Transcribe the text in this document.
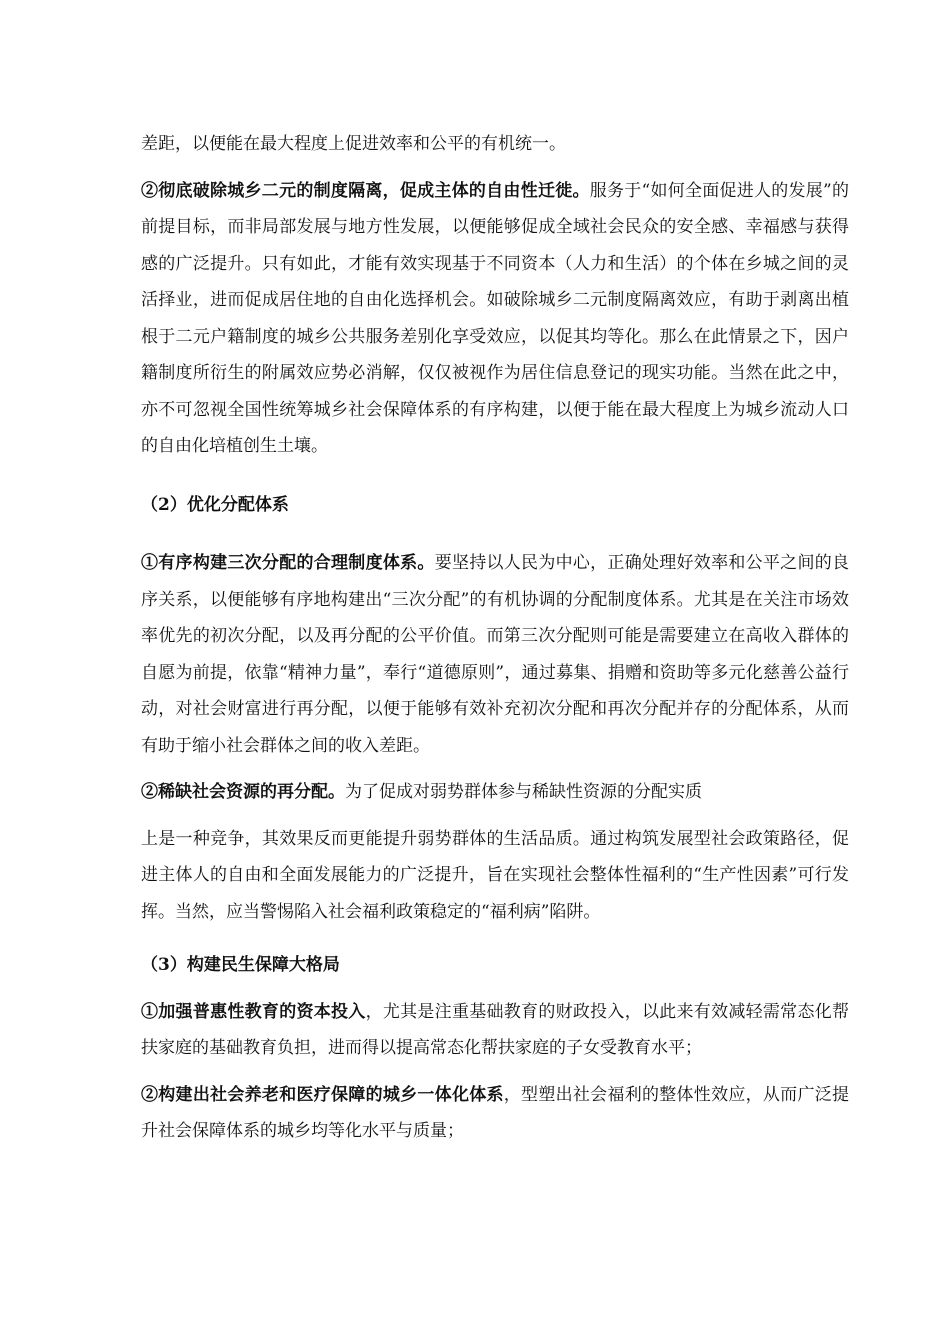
差距，以便能在最大程度上促进效率和公平的有机统一。

②彻底破除城乡二元的制度隔离，促成主体的自由性迁徙。服务于“如何全面促进人的发展”的前提目标，而非局部发展与地方性发展，以便能够促成全域社会民众的安全感、幸福感与获得感的广泛提升。只有如此，才能有效实现基于不同资本（人力和生活）的个体在乡城之间的灵活择业，进而促成居住地的自由化选择机会。如破除城乡二元制度隔离效应，有助于剥离出植根于二元户籍制度的城乡公共服务差别化享受效应，以促其均等化。那么在此情景之下，因户籍制度所衍生的附属效应势必消解，仅仅被视作为居住信息登记的现实功能。当然在此之中，亦不可忽视全国性统筹城乡社会保障体系的有序构建，以便于能在最大程度上为城乡流动人口的自由化培植创生土壤。

（2）优化分配体系

①有序构建三次分配的合理制度体系。要坚持以人民为中心，正确处理好效率和公平之间的良序关系，以便能够有序地构建出“三次分配”的有机协调的分配制度体系。尤其是在关注市场效率优先的初次分配，以及再分配的公平价值。而第三次分配则可能是需要建立在高收入群体的自愿为前提，依靠“精神力量”，奉行“道德原则”，通过募集、捐赠和资助等多元化慈善公益行动，对社会财富进行再分配，以便于能够有效补充初次分配和再次分配并存的分配体系，从而有助于缩小社会群体之间的收入差距。

②稀缺社会资源的再分配。为了促成对弱势群体参与稀缺性资源的分配实质

上是一种竞争，其效果反而更能提升弱势群体的生活品质。通过构筑发展型社会政策路径，促进主体人的自由和全面发展能力的广泛提升，旨在实现社会整体性福利的“生产性因素”可行发挥。当然，应当警惕陷入社会福利政策稳定的“福利病”陷阱。

（3）构建民生保障大格局

①加强普惠性教育的资本投入，尤其是注重基础教育的财政投入，以此来有效减轻需常态化帮扶家庭的基础教育负担，进而得以提高常态化帮扶家庭的子女受教育水平；

②构建出社会养老和医疗保障的城乡一体化体系，型塑出社会福利的整体性效应，从而广泛提升社会保障体系的城乡均等化水平与质量；
